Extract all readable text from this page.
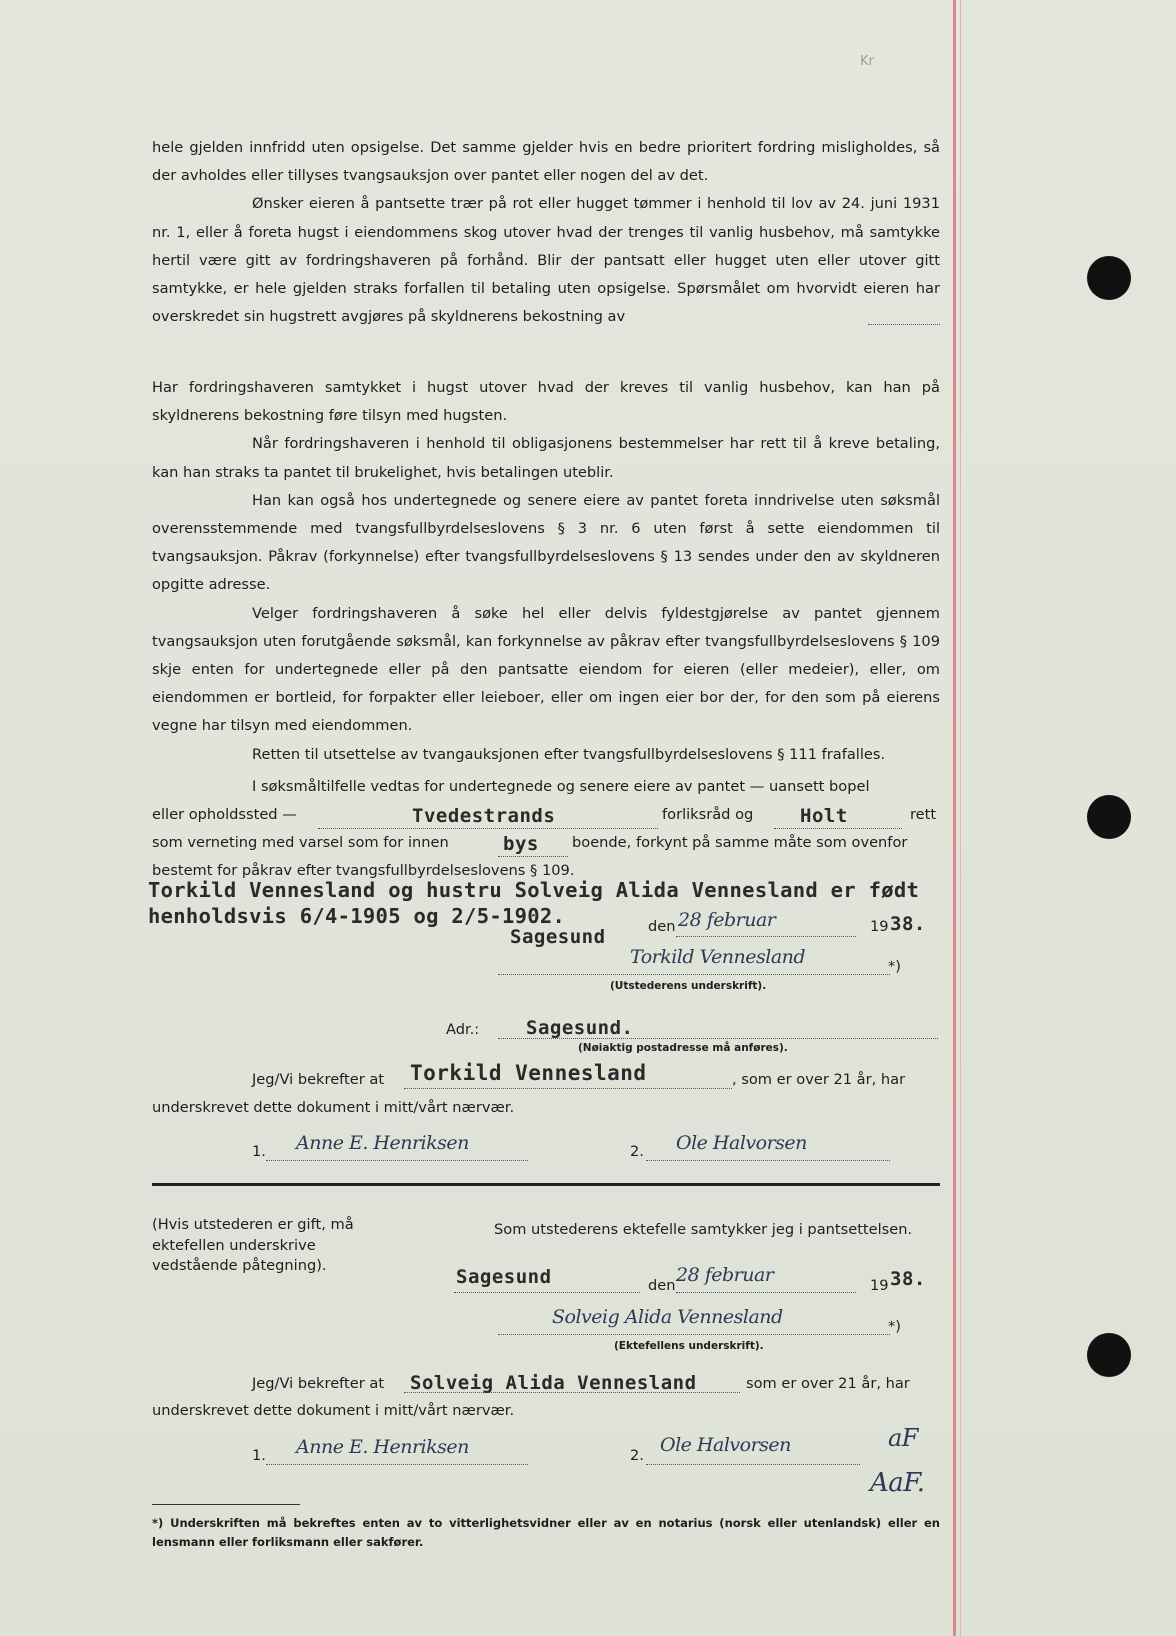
Kr

hele gjelden innfridd uten opsigelse. Det samme gjelder hvis en bedre prioritert fordring misligholdes, så der avholdes eller tillyses tvangsauksjon over pantet eller nogen del av det.

Ønsker eieren å pantsette trær på rot eller hugget tømmer i henhold til lov av 24. juni 1931 nr. 1, eller å foreta hugst i eiendommens skog utover hvad der trenges til vanlig husbehov, må samtykke hertil være gitt av fordringshaveren på forhånd. Blir der pantsatt eller hugget uten eller utover gitt samtykke, er hele gjelden straks forfallen til betaling uten opsigelse. Spørsmålet om hvorvidt eieren har overskredet sin hugstrett avgjøres på skyldnerens bekostning av

Har fordringshaveren samtykket i hugst utover hvad der kreves til vanlig husbehov, kan han på skyldnerens bekostning føre tilsyn med hugsten.

Når fordringshaveren i henhold til obligasjonens bestemmelser har rett til å kreve betaling, kan han straks ta pantet til brukelighet, hvis betalingen uteblir.

Han kan også hos undertegnede og senere eiere av pantet foreta inndrivelse uten søksmål overensstemmende med tvangsfullbyrdelseslovens § 3 nr. 6 uten først å sette eiendommen til tvangsauksjon. Påkrav (forkynnelse) efter tvangsfullbyrdelseslovens § 13 sendes under den av skyldneren opgitte adresse.

Velger fordringshaveren å søke hel eller delvis fyldestgjørelse av pantet gjennem tvangsauksjon uten forutgående søksmål, kan forkynnelse av påkrav efter tvangsfullbyrdelseslovens § 109 skje enten for undertegnede eller på den pantsatte eiendom for eieren (eller medeier), eller, om eiendommen er bortleid, for forpakter eller leieboer, eller om ingen eier bor der, for den som på eierens vegne har tilsyn med eiendommen.

Retten til utsettelse av tvangauksjonen efter tvangsfullbyrdelseslovens § 111 frafalles.

I søksmåltilfelle vedtas for undertegnede og senere eiere av pantet — uansett bopel
eller opholdssted —	Tvedestrands	forliksråd og Holt	rett
som verneting med varsel som for innen	bys boende, forkynt på samme måte som ovenfor
bestemt for påkrav efter tvangsfullbyrdelseslovens § 109.
Torkild Vennesland og hustru Solveig Alida Vennesland er født
henholdsvis 6/4-1905 og 2/5-1902.
Sagesund	den 28 februar	19 38.
Torkild Vennesland	*)
(Utstederens underskrift).
Adr.: Sagesund.
(Nøiaktig postadresse må anføres).
Jeg/Vi bekrefter at Torkild Vennesland	, som er over 21 år, har
underskrevet dette dokument i mitt/vårt nærvær.
1. Anne E. Henriksen	2. Ole Halvorsen
(Hvis utstederen er gift, må ektefellen underskrive vedstående påtegning).
Som utstederens ektefelle samtykker jeg i pantsettelsen.
Sagesund	den 28 februar	19 38.
Solveig Alida Vennesland	*)
(Ektefellens underskrift).
Jeg/Vi bekrefter at Solveig Alida Vennesland	som er over 21 år, har
underskrevet dette dokument i mitt/vårt nærvær.
1. Anne E. Henriksen	2. Ole Halvorsen	aF
AaF.
*) Underskriften må bekreftes enten av to vitterlighetsvidner eller av en notarius (norsk eller utenlandsk) eller en lensmann eller forliksmann eller sakfører.
